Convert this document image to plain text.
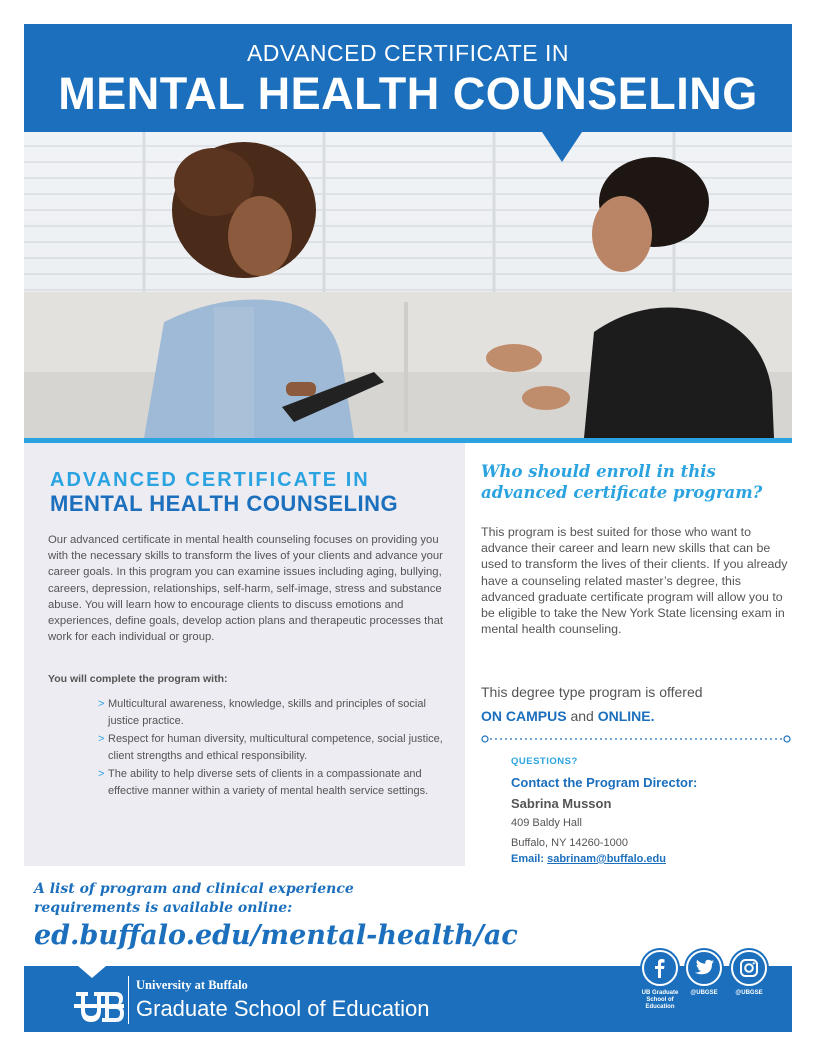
ADVANCED CERTIFICATE IN
MENTAL HEALTH COUNSELING
ADVANCED CERTIFICATE IN
MENTAL HEALTH COUNSELING

Our advanced certificate in mental health counseling focuses on providing you with the necessary skills to transform the lives of your clients and advance your career goals. In this program you can examine issues including aging, bullying, careers, depression, relationships, self-harm, self-image, stress and substance abuse. You will learn how to encourage clients to discuss emotions and experiences, define goals, develop action plans and therapeutic processes that work for each individual or group.

You will complete the program with:
> Multicultural awareness, knowledge, skills and principles of social justice practice.
> Respect for human diversity, multicultural competence, social justice, client strengths and ethical responsibility.
> The ability to help diverse sets of clients in a compassionate and effective manner within a variety of mental health service settings.
Who should enroll in this advanced certificate program?

This program is best suited for those who want to advance their career and learn new skills that can be used to transform the lives of their clients. If you already have a counseling related master’s degree, this advanced graduate certificate program will allow you to be eligible to take the New York State licensing exam in mental health counseling.

This degree type program is offered
ON CAMPUS and ONLINE.
QUESTIONS?
Contact the Program Director:
Sabrina Musson
409 Baldy Hall
Buffalo, NY 14260-1000
Email: sabrinam@buffalo.edu
A list of program and clinical experience requirements is available online:
ed.buffalo.edu/mental-health/ac
University at Buffalo
Graduate School of Education
UB Graduate School of Education
@UBGSE	@UBGSE
